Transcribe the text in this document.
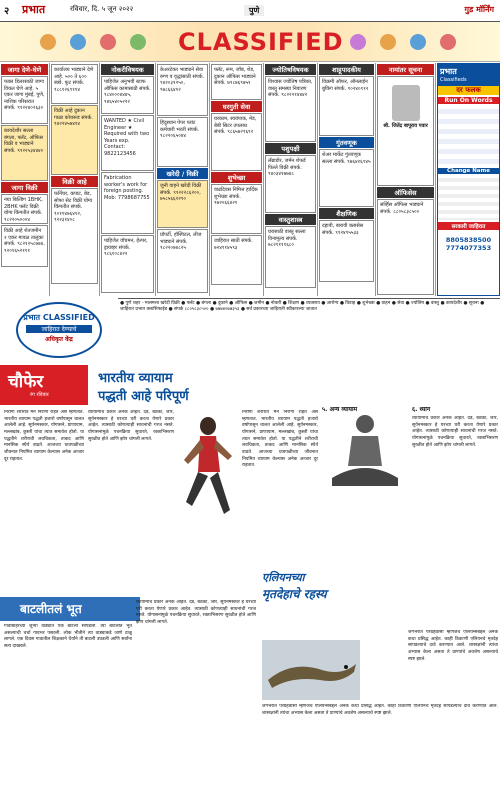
२ प्रभात	रविवार, दि. ५ जून २०२२	पुणे	गुड मॉर्निंग
CLASSIFIED
जागा देणे-घेणे
फक्त डिलरसाठी जागा विकत घेणे आहे. ५ एकर जागा मुंबई, पुणे, नाशिक परिसरात संपर्क. ९९२२४०२६३०
कायदेशीर सल्ला बंगला, फ्लॅट, ऑफिस विक्री व भाड्याने संपर्क. ९९२२५३४४४०
जागा विक्री
नया बिल्डिंग 1BHK, 2BHK फ्लॅट विक्री योग्य किंमतीत संपर्क. ९८२२०५०००४
विक्री आहे शेतजमीन २ एकर मावळ तालुका संपर्क. ९८२१२५८७७४, ९२०१६५२१११
कार्यालय भाड्याने देणे आहे. ५०० ते ६०० स्क्वे. फूट संपर्क. ९८८१२६९११४
विक्री आहे दुकान गाळा कोथरूड संपर्क. ९४२२४५७४१४
विक्री आहे
फर्निचर, कपाट, बेड, सोफा सेट विक्री योग्य किंमतीत संपर्क. ९०११४७६४९२, ९२२३१४०८
नोकरीविषयक
पाहिजेत अनुभवी स्टाफ ऑफिस कामासाठी संपर्क. ९८४०००४४४५, ९४६५४०५२२२
WANTED ★ Civil Engineer ★ Required with two Years exp. Contact: 9822123456
Fabrication worker's work for foreign posting. Mob: 7798687755
पाहिजेत वॉचमन, हेल्पर, ड्रायव्हर संपर्क. ९८६१०८४२२
केअरटेकर भाड्याने सेवा रुग्ण व वृद्धांसाठी संपर्क. ९४२०३१२५०, ९७८६६४१२
हिंदुस्थान पेपर प्लांट कर्मचारी भरती संपर्क. ९८२२०६५०४४
खरेदी / विक्री
जुनी वाहने खरेदी विक्री संपर्क. ९९२२२८६२००, ७५८५६६२२९०
प्रॉपर्टी, हॉस्पिटल, लीज भाड्याने संपर्क. ९८२२०७४८२५
फ्लॅट, रूम, जॉब, शेड, दुकान ऑफिस भाड्याने संपर्क. ७९८७६९७५१
घरगुती सेवा
घरकाम, स्वयंपाक, मेड, बेबी सिटर उपलब्ध संपर्क. ९८६५७२९६९२
शुभेच्छा
वाढदिवस निमित्त हार्दिक शुभेच्छा संपर्क. ९७२०६६४२१
जाहिरात साठी संपर्क. ७२४९१४५९३
ज्योतिषविषयक
विश्वास ज्योतिष पत्रिका, वास्तु समस्या निवारण संपर्क. ९८२२२१४४४२
पशुपक्षी
लॅब्राडोर, जर्मन शेफर्ड पिल्ले विक्री संपर्क. ९४०३४१७७४८
वास्तुशास्त्र
घरासाठी वास्तु सल्ला विनामूल्य संपर्क. ७८२११११६८०
शाहूपादकीय
विक्रमी ऑफर, ऑनलाईन बुकिंग संपर्क. ९०२४०११२
गुंतवणूक
शेअर मार्केट गुंतवणूक सल्ला संपर्क. ९७६४२६९४५
शैक्षणिक
दहावी, बारावी क्लासेस संपर्क. ९९२४९५५३३
नामांतर सूचना
श्री. जितेंद्र बापूराव पवार
ऑफिसेस
सर्व्हिस ऑफिस भाड्याने संपर्क. ८८०५८३८५००
प्रभात
Classifieds
दर फलक
Run On Words
Change Name
सरकारी जाहिरात
8805838500
7774077353
प्रभात CLASSIFIED
जाहिरात देण्याचे
अधिकृत केंद्र
● पुणे शहर - मालमत्ता खरेदी विक्री ● फ्लॅट ● बंगला ● दुकाने ● ऑफिस ● जमीन ● नोकरी ● शिक्षण ● व्यवसाय ● आरोग्य ● विवाह ● शुभेच्छा ● वाहन ● सेवा ● ज्योतिष ● वास्तु ● कायदेशीर ● सूचना ● जाहिरात प्रभात क्लासिफाईड ● संपर्क ८८०५८३८५०० ● ७७७४०७७३५३ ● सर्व प्रकारच्या जाहिराती स्वीकारल्या जातात
चौफेर
रंग रविवार
भारतीय व्यायाम
पद्धती आहे परिपूर्ण
निरोगी शरीरात मन निरोगी राहते असे म्हणतात. भारतीय व्यायाम पद्धती हजारो वर्षांपासून चालत आलेली आहे. सूर्यनमस्कार, योगासने, प्राणायाम, मल्लखांब, कुस्ती यांचा त्यात समावेश होतो. या पद्धतीने शरीराची लवचिकता, ताकद आणि मानसिक स्थैर्य वाढते. आजच्या धावपळीच्या जीवनात नियमित व्यायाम केल्यास अनेक आजार दूर राहतात.
व्यायामाचे प्रकार अनेक आहेत. दंड, बैठका, जोर, सूर्यनमस्कार हे घरच्या घरी करता येणारे प्रकार आहेत. त्यासाठी कोणत्याही साधनांची गरज नसते. योगासनांमुळे पचनक्रिया सुधारते, रक्ताभिसरण सुरळीत होते आणि झोप चांगली लागते.
निरोगी शरीरात मन निरोगी राहते असे म्हणतात. भारतीय व्यायाम पद्धती हजारो वर्षांपासून चालत आलेली आहे. सूर्यनमस्कार, योगासने, प्राणायाम, मल्लखांब, कुस्ती यांचा त्यात समावेश होतो. या पद्धतीने शरीराची लवचिकता, ताकद आणि मानसिक स्थैर्य वाढते. आजच्या धावपळीच्या जीवनात नियमित व्यायाम केल्यास अनेक आजार दूर राहतात.
५. अन्य व्यायाम	६. ध्यान
व्यायामाचे प्रकार अनेक आहेत. दंड, बैठका, जोर, सूर्यनमस्कार हे घरच्या घरी करता येणारे प्रकार आहेत. त्यासाठी कोणत्याही साधनांची गरज नसते. योगासनांमुळे पचनक्रिया सुधारते, रक्ताभिसरण सुरळीत होते आणि झोप चांगली लागते.
बाटलीतलं भूत
गावाबाहेरच्या जुन्या वाड्यात एक बाटली सापडली. त्या बाटलीत भूत असल्याची चर्चा गावभर पसरली. लोक भीतीने त्या वाड्याकडे जाणे टाळू लागले. एक दिवस गावातील शिक्षकाने धैर्याने ती बाटली उघडली आणि सर्वांना सत्य दाखवले.
व्यायामाचे प्रकार अनेक आहेत. दंड, बैठका, जोर, सूर्यनमस्कार हे घरच्या घरी करता येणारे प्रकार आहेत. त्यासाठी कोणत्याही साधनांची गरज नसते. योगासनांमुळे पचनक्रिया सुधारते, रक्ताभिसरण सुरळीत होते आणि झोप चांगली लागते.
एलियनच्या
मृतदेहाचे रहस्य
जगभरात परग्रहवासी म्हणजेच एलियन्सबद्दल अनेक कथा प्रसिद्ध आहेत. काही ठिकाणी एलियनचे मृतदेह सापडल्याचे दावे करण्यात आले. शास्त्रज्ञांनी त्यांचा अभ्यास केला असता ते प्राण्यांचे अवशेष असल्याचे स्पष्ट झाले.
जगभरात परग्रहवासी म्हणजेच एलियन्सबद्दल अनेक कथा प्रसिद्ध आहेत. काही ठिकाणी एलियनचे मृतदेह सापडल्याचे दावे करण्यात आले. शास्त्रज्ञांनी त्यांचा अभ्यास केला असता ते प्राण्यांचे अवशेष असल्याचे स्पष्ट झाले.
